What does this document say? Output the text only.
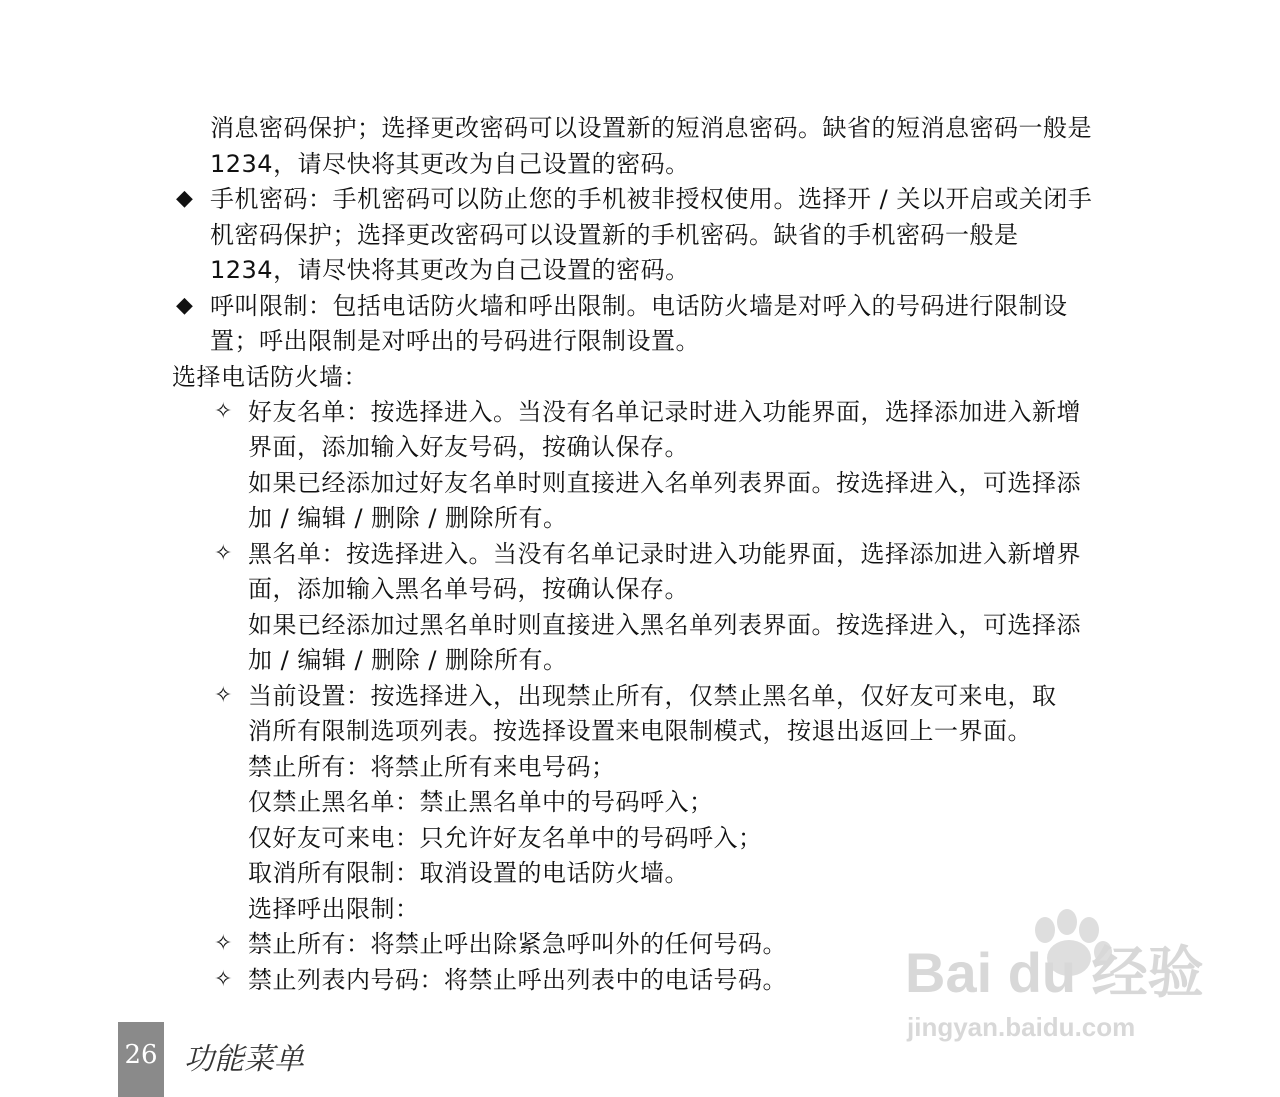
消息密码保护；选择更改密码可以设置新的短消息密码。缺省的短消息密码一般是
1234，请尽快将其更改为自己设置的密码。
◆ 手机密码：手机密码可以防止您的手机被非授权使用。选择开 / 关以开启或关闭手
机密码保护；选择更改密码可以设置新的手机密码。缺省的手机密码一般是
1234，请尽快将其更改为自己设置的密码。
◆ 呼叫限制：包括电话防火墙和呼出限制。电话防火墙是对呼入的号码进行限制设
置；呼出限制是对呼出的号码进行限制设置。
选择电话防火墙：
✧ 好友名单：按选择进入。当没有名单记录时进入功能界面，选择添加进入新增
界面，添加输入好友号码，按确认保存。
如果已经添加过好友名单时则直接进入名单列表界面。按选择进入，可选择添
加 / 编辑 / 删除 / 删除所有。
✧ 黑名单：按选择进入。当没有名单记录时进入功能界面，选择添加进入新增界
面，添加输入黑名单号码，按确认保存。
如果已经添加过黑名单时则直接进入黑名单列表界面。按选择进入，可选择添
加 / 编辑 / 删除 / 删除所有。
✧ 当前设置：按选择进入，出现禁止所有，仅禁止黑名单，仅好友可来电，取
消所有限制选项列表。按选择设置来电限制模式，按退出返回上一界面。
禁止所有：将禁止所有来电号码；
仅禁止黑名单：禁止黑名单中的号码呼入；
仅好友可来电：只允许好友名单中的号码呼入；
取消所有限制：取消设置的电话防火墙。
选择呼出限制：
✧ 禁止所有：将禁止呼出除紧急呼叫外的任何号码。
✧ 禁止列表内号码：将禁止呼出列表中的电话号码。
26 功能菜单
Bai du 经验
jingyan.baidu.com
